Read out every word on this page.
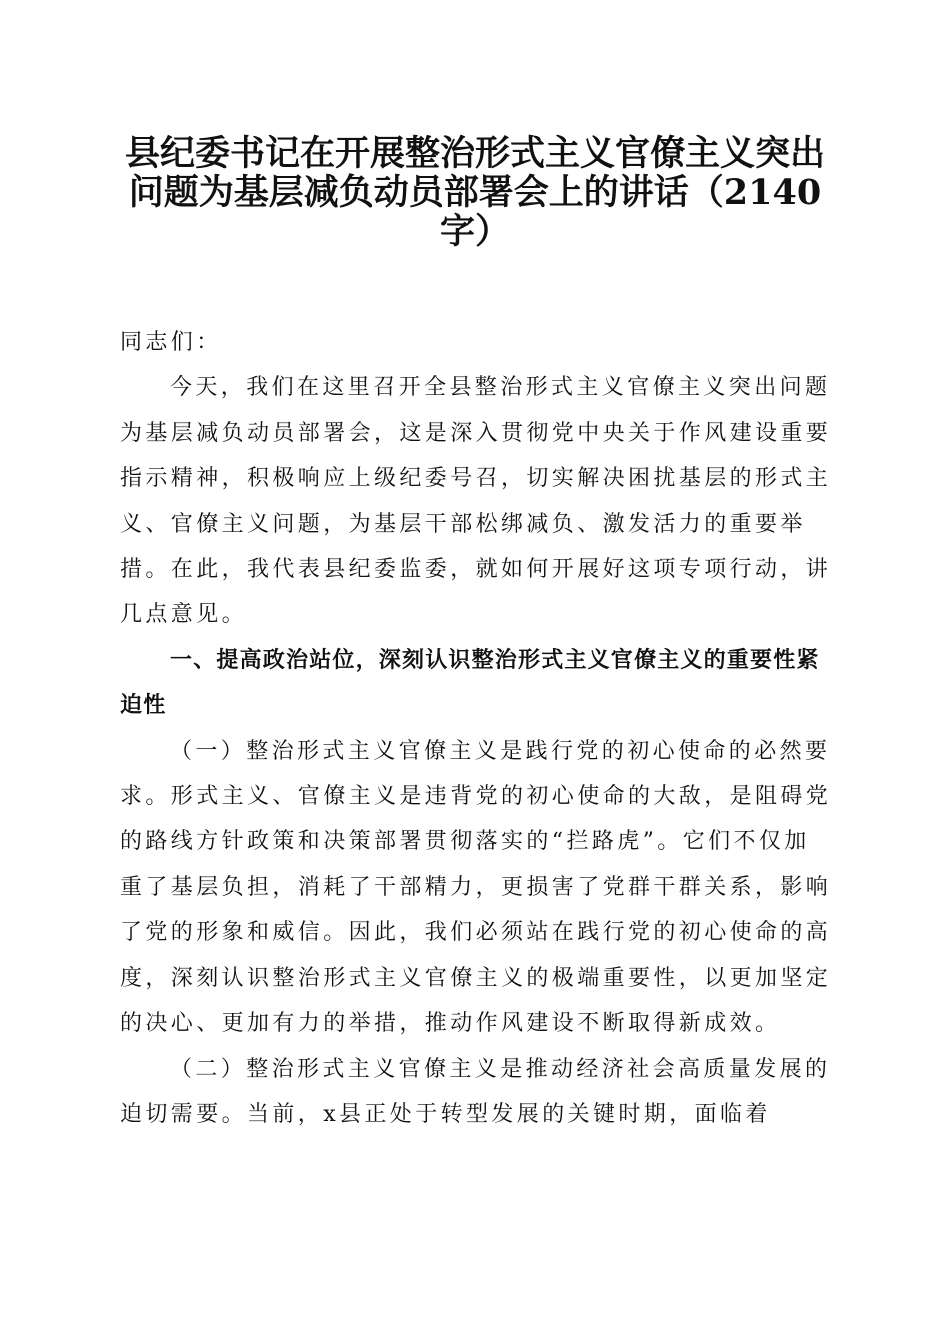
县纪委书记在开展整治形式主义官僚主义突出
问题为基层减负动员部署会上的讲话（2140
字）

同志们：

今天，我们在这里召开全县整治形式主义官僚主义突出问题为基层减负动员部署会，这是深入贯彻党中央关于作风建设重要指示精神，积极响应上级纪委号召，切实解决困扰基层的形式主义、官僚主义问题，为基层干部松绑减负、激发活力的重要举措。在此，我代表县纪委监委，就如何开展好这项专项行动，讲几点意见。

一、提高政治站位，深刻认识整治形式主义官僚主义的重要性紧迫性

（一）整治形式主义官僚主义是践行党的初心使命的必然要求。形式主义、官僚主义是违背党的初心使命的大敌，是阻碍党的路线方针政策和决策部署贯彻落实的“拦路虎”。它们不仅加重了基层负担，消耗了干部精力，更损害了党群干群关系，影响了党的形象和威信。因此，我们必须站在践行党的初心使命的高度，深刻认识整治形式主义官僚主义的极端重要性，以更加坚定的决心、更加有力的举措，推动作风建设不断取得新成效。

（二）整治形式主义官僚主义是推动经济社会高质量发展的迫切需要。当前，x县正处于转型发展的关键时期，面临着
